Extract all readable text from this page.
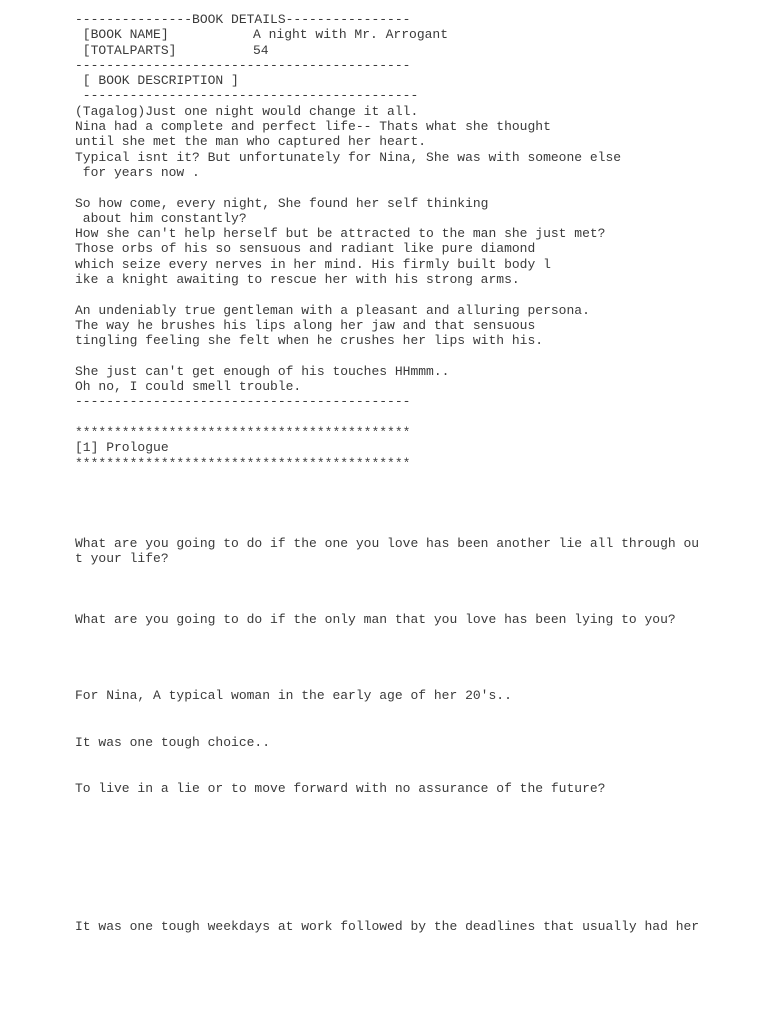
---------------BOOK DETAILS----------------
[BOOK NAME]	A night with Mr. Arrogant
[TOTALPARTS]	54
-------------------------------------------
[ BOOK DESCRIPTION ]
-------------------------------------------
(Tagalog)Just one night would change it all.
Nina had a complete and perfect life-- Thats what she thought
until she met the man who captured her heart.
Typical isnt it? But unfortunately for Nina, She was with someone else
for years now .
So how come, every night, She found her self thinking
about him constantly?
How she can't help herself but be attracted to the man she just met?
Those orbs of his so sensuous and radiant like pure diamond
which seize every nerves in her mind. His firmly built body l
ike a knight awaiting to rescue her with his strong arms.
An undeniably true gentleman with a pleasant and alluring persona.
The way he brushes his lips along her jaw and that sensuous
tingling feeling she felt when he crushes her lips with his.
She just can't get enough of his touches HHmmm..
Oh no, I could smell trouble.
-------------------------------------------
*******************************************
[1] Prologue
*******************************************
What are you going to do if the one you love has been another lie all through ou
t your life?
What are you going to do if the only man that you love has been lying to you?
For Nina, A typical woman in the early age of her 20's..
It was one tough choice..
To live in a lie or to move forward with no assurance of the future?
It was one tough weekdays at work followed by the deadlines that usually had her
